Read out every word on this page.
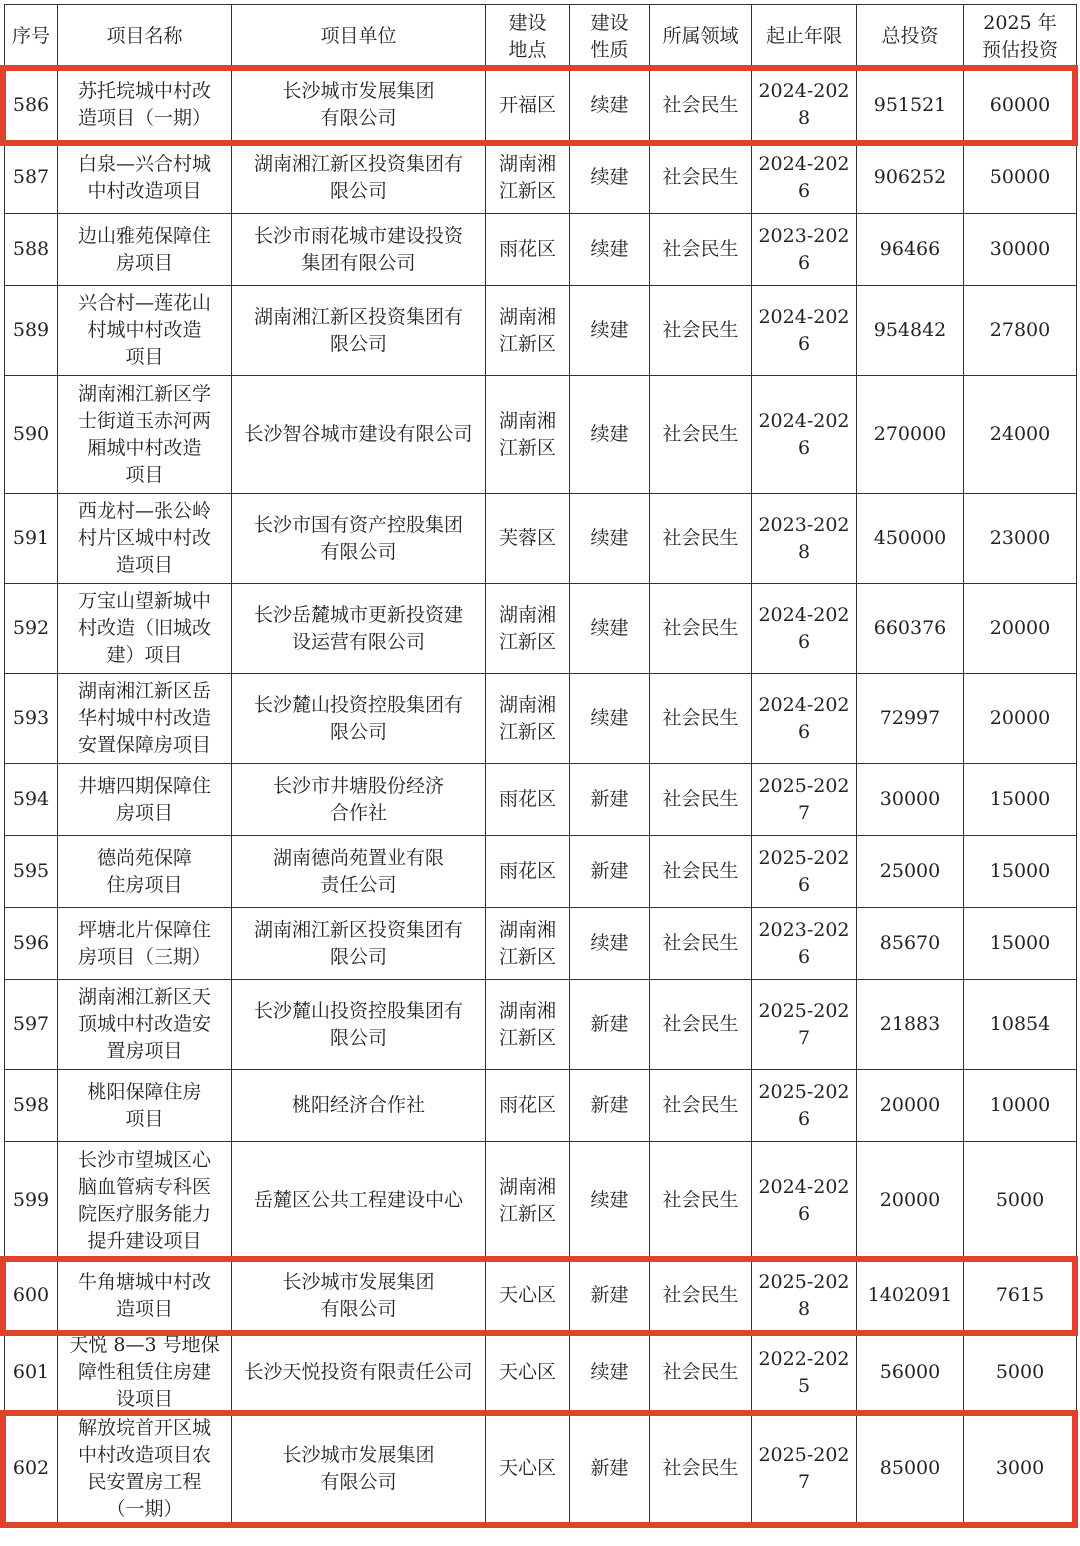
序号	项目名称	项目单位	建设
地点	建设
性质	所属领域	起止年限	总投资	2025 年
预估投资
586	苏托垸城中村改
造项目（一期）	长沙城市发展集团
有限公司	开福区	续建	社会民生	2024-2028	951521	60000
587	白泉—兴合村城
中村改造项目	湖南湘江新区投资集团有
限公司	湖南湘
江新区	续建	社会民生	2024-2026	906252	50000
588	边山雅苑保障住
房项目	长沙市雨花城市建设投资
集团有限公司	雨花区	续建	社会民生	2023-2026	96466	30000
589	兴合村—莲花山
村城中村改造
项目	湖南湘江新区投资集团有
限公司	湖南湘
江新区	续建	社会民生	2024-2026	954842	27800
590	湖南湘江新区学
士街道玉赤河两
厢城中村改造
项目	长沙智谷城市建设有限公司	湖南湘
江新区	续建	社会民生	2024-2026	270000	24000
591	西龙村—张公岭
村片区城中村改
造项目	长沙市国有资产控股集团
有限公司	芙蓉区	续建	社会民生	2023-2028	450000	23000
592	万宝山望新城中
村改造（旧城改
建）项目	长沙岳麓城市更新投资建
设运营有限公司	湖南湘
江新区	续建	社会民生	2024-2026	660376	20000
593	湖南湘江新区岳
华村城中村改造
安置保障房项目	长沙麓山投资控股集团有
限公司	湖南湘
江新区	续建	社会民生	2024-2026	72997	20000
594	井塘四期保障住
房项目	长沙市井塘股份经济
合作社	雨花区	新建	社会民生	2025-2027	30000	15000
595	德尚苑保障
住房项目	湖南德尚苑置业有限
责任公司	雨花区	新建	社会民生	2025-2026	25000	15000
596	坪塘北片保障住
房项目（三期）	湖南湘江新区投资集团有
限公司	湖南湘
江新区	续建	社会民生	2023-2026	85670	15000
597	湖南湘江新区天
顶城中村改造安
置房项目	长沙麓山投资控股集团有
限公司	湖南湘
江新区	新建	社会民生	2025-2027	21883	10854
598	桃阳保障住房
项目	桃阳经济合作社	雨花区	新建	社会民生	2025-2026	20000	10000
599	长沙市望城区心
脑血管病专科医
院医疗服务能力
提升建设项目	岳麓区公共工程建设中心	湖南湘
江新区	续建	社会民生	2024-2026	20000	5000
600	牛角塘城中村改
造项目	长沙城市发展集团
有限公司	天心区	新建	社会民生	2025-2028	1402091	7615
601	天悦 8—3 号地保
障性租赁住房建
设项目	长沙天悦投资有限责任公司	天心区	续建	社会民生	2022-2025	56000	5000
602	解放垸首开区城
中村改造项目农
民安置房工程
（一期）	长沙城市发展集团
有限公司	天心区	新建	社会民生	2025-2027	85000	3000
